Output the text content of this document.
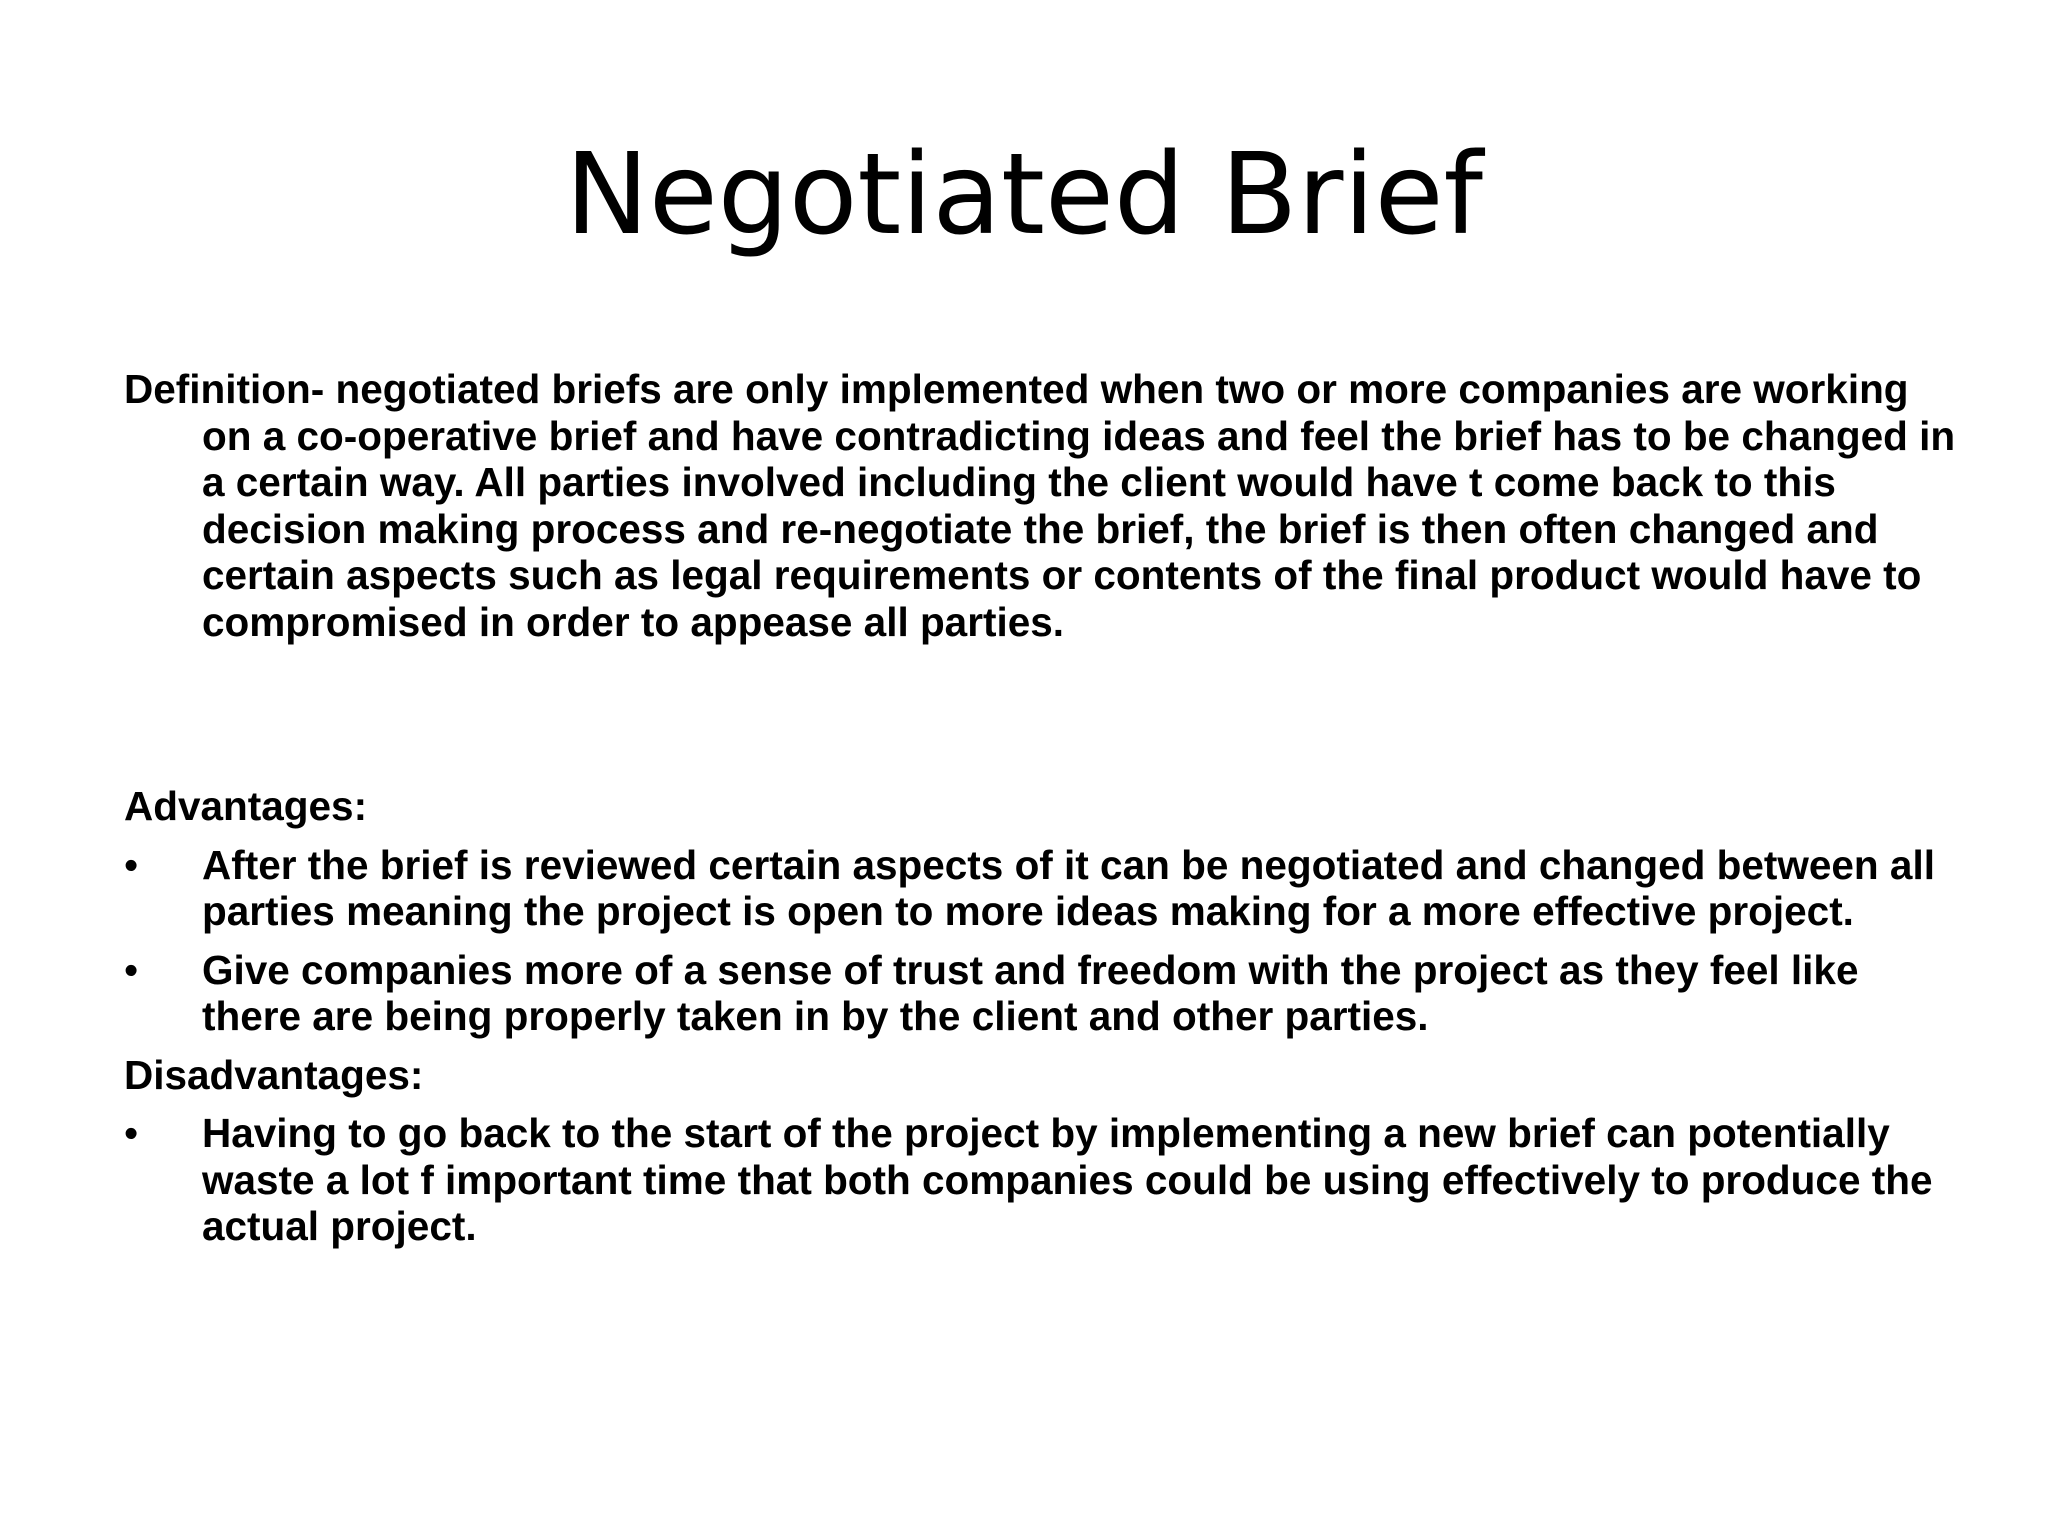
Negotiated Brief

Definition- negotiated briefs are only implemented when two or more companies are working on a co-operative brief and have contradicting ideas and feel the brief has to be changed in a certain way. All parties involved including the client would have t come back to this decision making process and re-negotiate the brief, the brief is then often changed and certain aspects such as legal requirements or contents of the final product would have to compromised in order to appease all parties.

Advantages:

• After the brief is reviewed certain aspects of it can be negotiated and changed between all parties meaning the project is open to more ideas making for a more effective project.
• Give companies more of a sense of trust and freedom with the project as they feel like there are being properly taken in by the client and other parties.

Disadvantages:

• Having to go back to the start of the project by implementing a new brief can potentially waste a lot f important time that both companies could be using effectively to produce the actual project.
